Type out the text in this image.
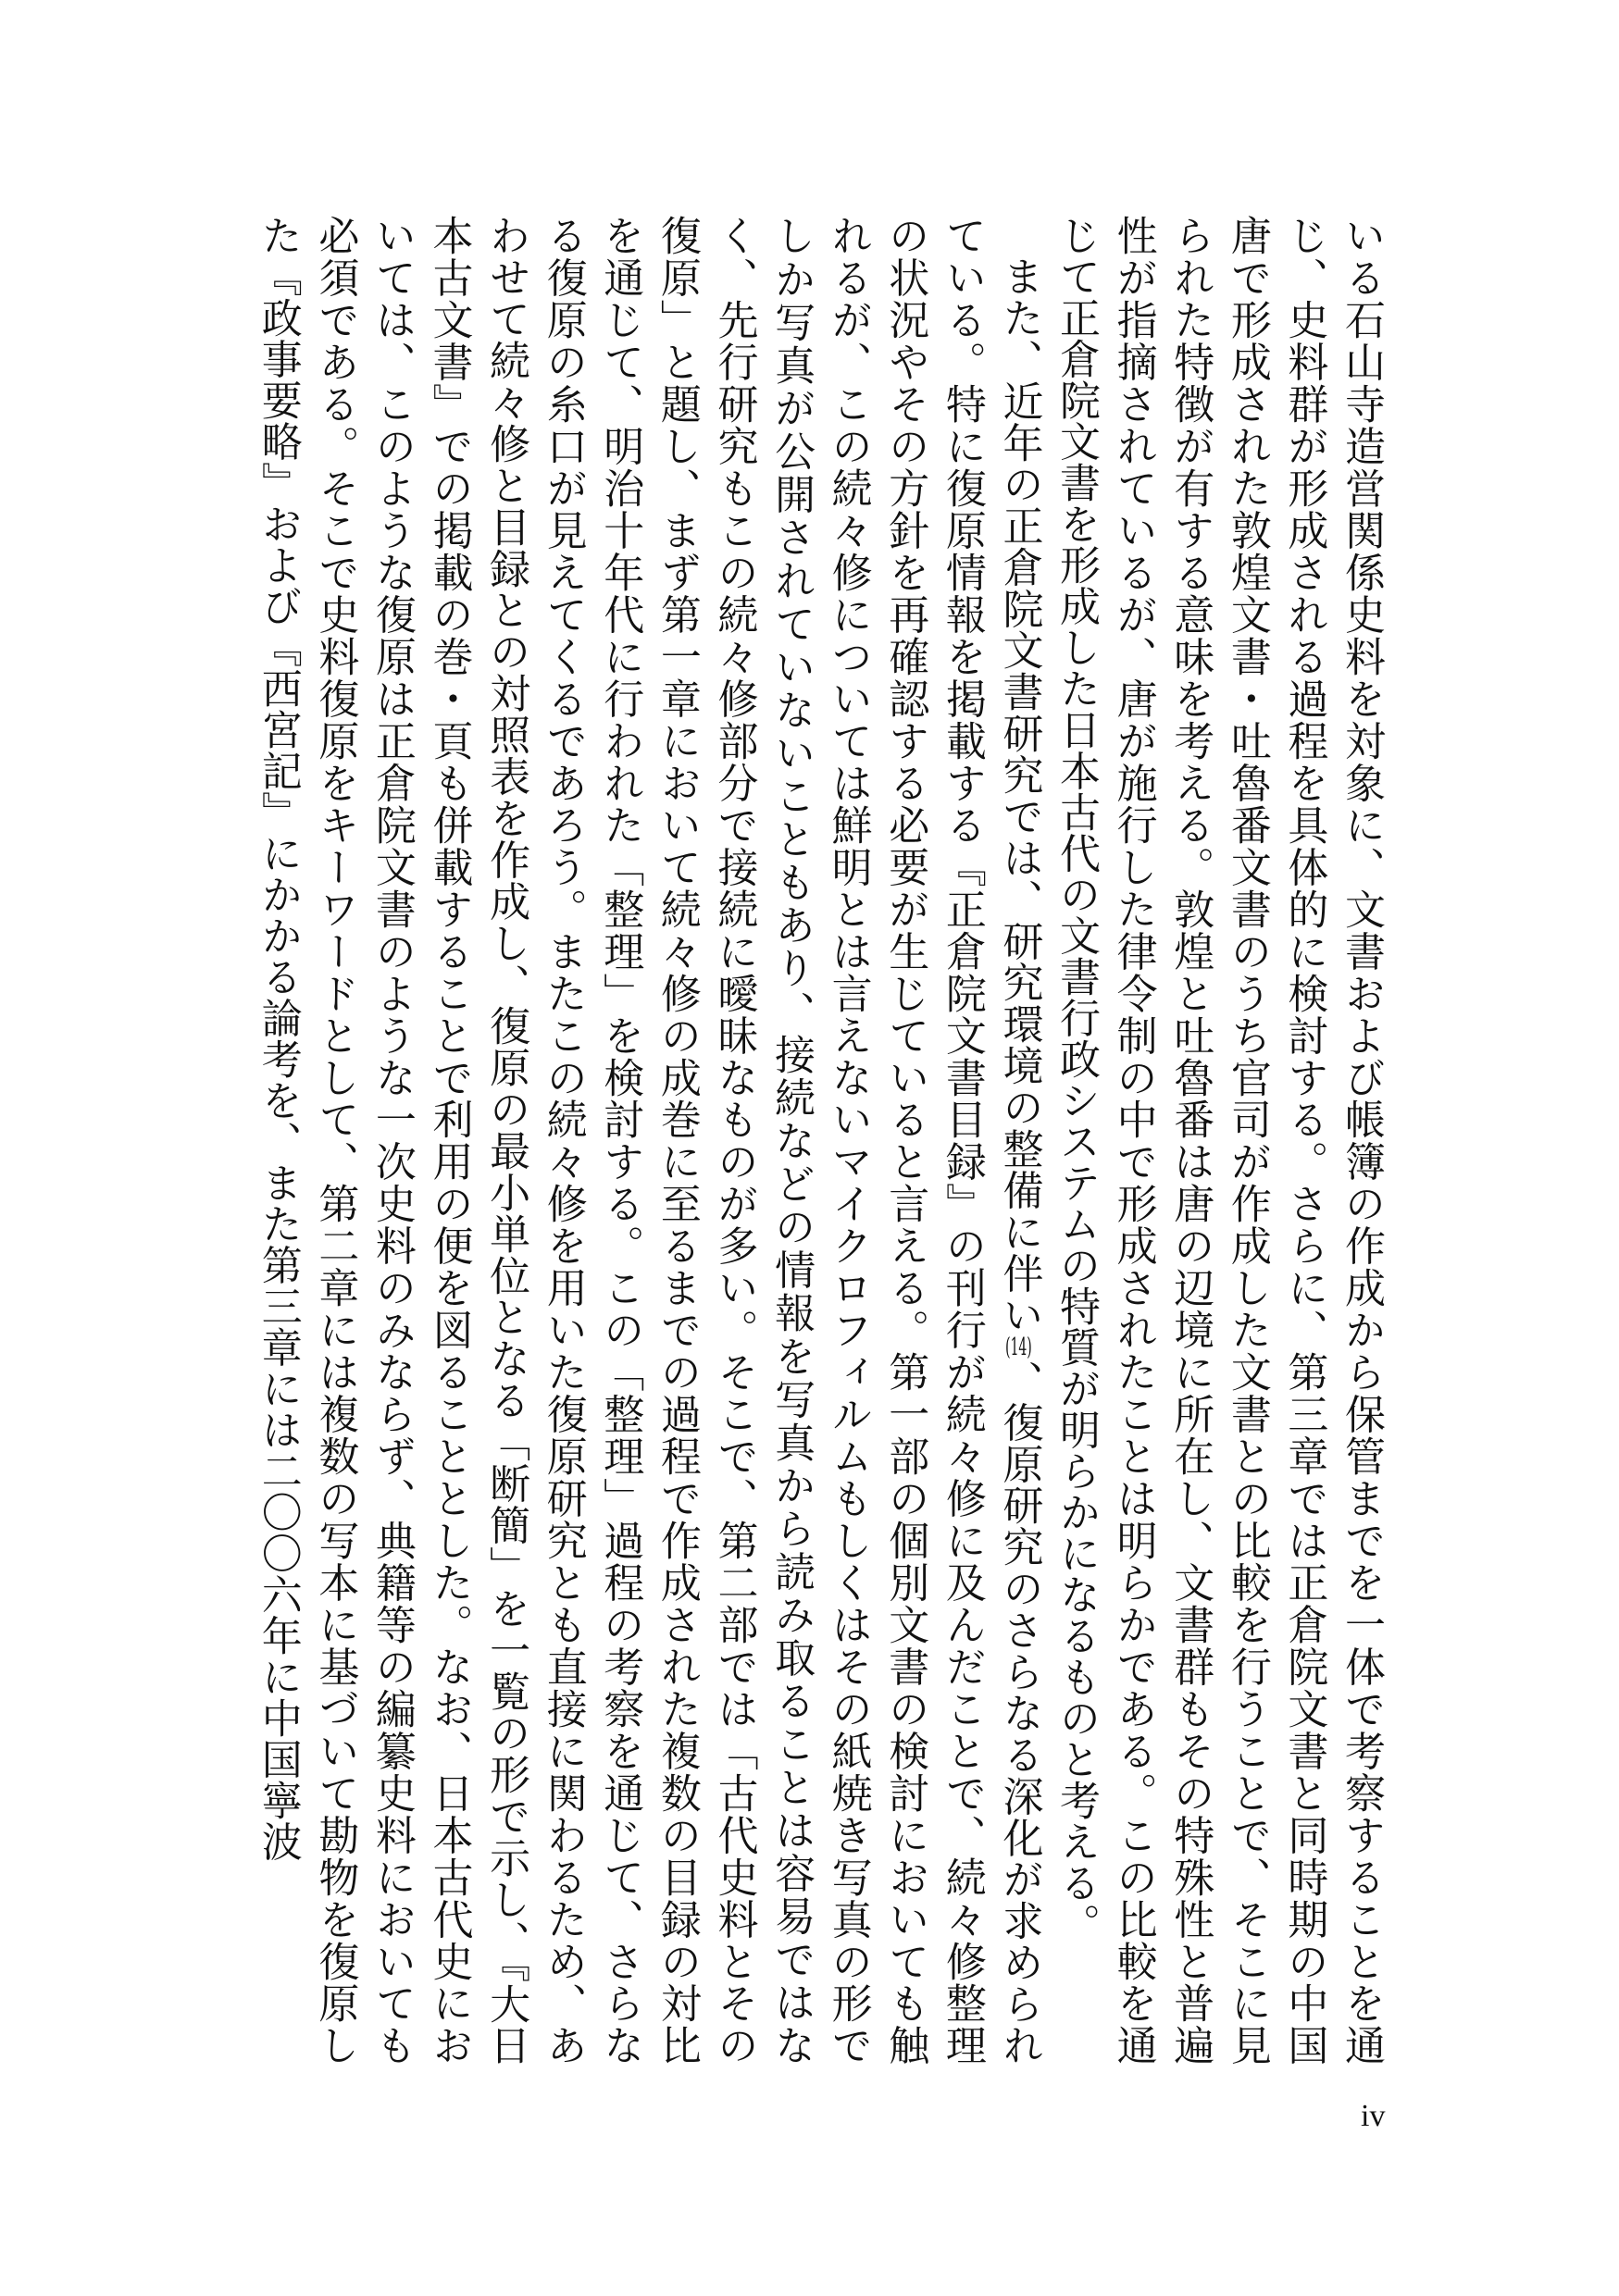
いる石山寺造営関係史料を対象に、文書および帳簿の作成から保管までを一体で考察することを通じ、史料群が形成される過程を具体的に検討する。さらに、第三章では正倉院文書と同時期の中国唐で形成された敦煌文書・吐魯番文書のうち官司が作成した文書との比較を行うことで、そこに見られた特徴が有する意味を考える。敦煌と吐魯番は唐の辺境に所在し、文書群もその特殊性と普遍性が指摘されているが、唐が施行した律令制の中で形成されたことは明らかである。この比較を通じて正倉院文書を形成した日本古代の文書行政システムの特質が明らかになるものと考える。

また、近年の正倉院文書研究では、研究環境の整備に伴い(14)、復原研究のさらなる深化が求められている。特に復原情報を掲載する『正倉院文書目録』の刊行が続々修に及んだことで、続々修整理の状況やその方針を再確認する必要が生じていると言える。第一部の個別文書の検討においても触れるが、この続々修については鮮明とは言えないマイクロフィルムもしくはその紙焼き写真の形でしか写真が公開されていないこともあり、接続などの情報を写真から読み取ることは容易ではなく、先行研究もこの続々修部分で接続に曖昧なものが多い。そこで、第二部では「古代史料とその復原」と題し、まず第一章において続々修の成巻に至るまでの過程で作成された複数の目録の対比を通じて、明治十年代に行われた「整理」を検討する。この「整理」過程の考察を通じて、さらなる復原の糸口が見えてくるであろう。またこの続々修を用いた復原研究とも直接に関わるため、あわせて続々修と目録との対照表を作成し、復原の最小単位となる「断簡」を一覧の形で示し、『大日本古文書』での掲載の巻・頁も併載することで利用の便を図ることとした。なお、日本古代史においては、このような復原は正倉院文書のような一次史料のみならず、典籍等の編纂史料においても必須である。そこで史料復原をキーワードとして、第二章には複数の写本に基づいて勘物を復原した『政事要略』および『西宮記』にかかる論考を、また第三章には二〇〇六年に中国寧波

iv
